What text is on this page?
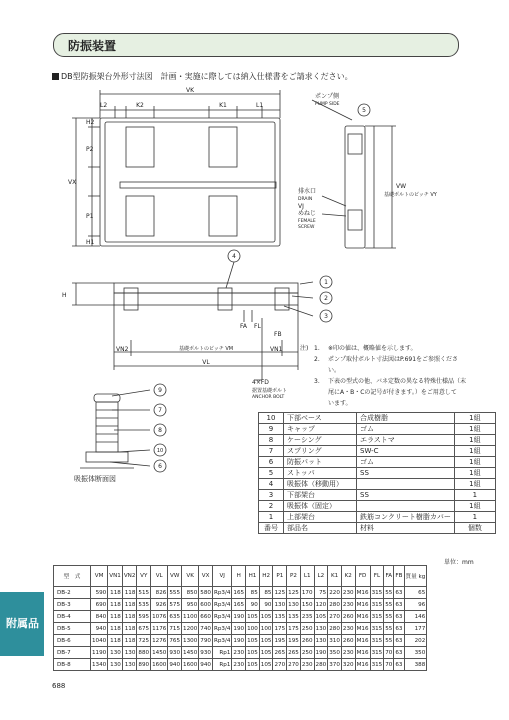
防振装置
DB型防振架台外形寸法図　計画・実施に際しては納入仕様書をご請求ください。
VK
L2	K2	K1	L1
H2
P2
VX
P1
H1
ポンプ側
PUMP SIDE
基礎ボルトのピッチ VY
VW
排水口
DRAIN
VJ
めねじ
FEMALE
SCREW
H
FA FL
FB
VN2	基礎ボルトのピッチ VM	VN1
VL
4×FD
据置基礎ボルト
ANCHOR BOLT
1
2
3
4
5
6
7
8
9
10
吸振体断面図
注) 1. ※印の値は、概略値を示します。
2. ポンプ取付ボルト寸法図はP.691をご参照ください。
3. 下表の型式の他、バネ定数の異なる特殊仕様品（末
尾にA・B・Cの記号が付きます。）をご用意して
います。
10	下部ベース	合成樹脂	1組
9	キャップ	ゴム	1組
8	ケーシング	エラストマ	1組
7	スプリング	SW-C	1組
6	防振パット	ゴム	1組
5	ストッパ	SS	1組
4	吸振体（移動用）		1組
3	下部架台	SS	1
2	吸振体（固定）		1組
1	上部架台	鉄筋コンクリート樹脂カバー	1
番号	部品名	材料	個数
単位：mm
型　式	VM	VN1	VN2	VY	VL	VW	VK	VX	VJ	H	H1	H2	P1	P2	L1	L2	K1	K2	FD	FL	FA	FB	質量 kg
DB-2	590	118	118	515	826	555	850	580	Rp3/4	165	85	85	125	125	170	75	220	230	M16	315	55	63	65
DB-3	690	118	118	535	926	575	950	600	Rp3/4	165	90	90	130	130	150	120	280	230	M16	315	55	63	96
DB-4	840	118	118	595	1076	635	1100	660	Rp3/4	190	105	105	135	135	235	105	270	260	M16	315	55	63	146
DB-5	940	118	118	675	1176	715	1200	740	Rp3/4	190	100	100	175	175	250	130	280	230	M16	315	55	63	177
DB-6	1040	118	118	725	1276	765	1300	790	Rp3/4	190	105	105	195	195	260	130	310	260	M16	315	55	63	202
DB-7	1190	130	130	880	1450	930	1450	930	Rp1	230	105	105	265	265	250	190	350	230	M16	315	70	63	350
DB-8	1340	130	130	890	1600	940	1600	940	Rp1	230	105	105	270	270	230	280	370	320	M16	315	70	63	388
附属品
688
